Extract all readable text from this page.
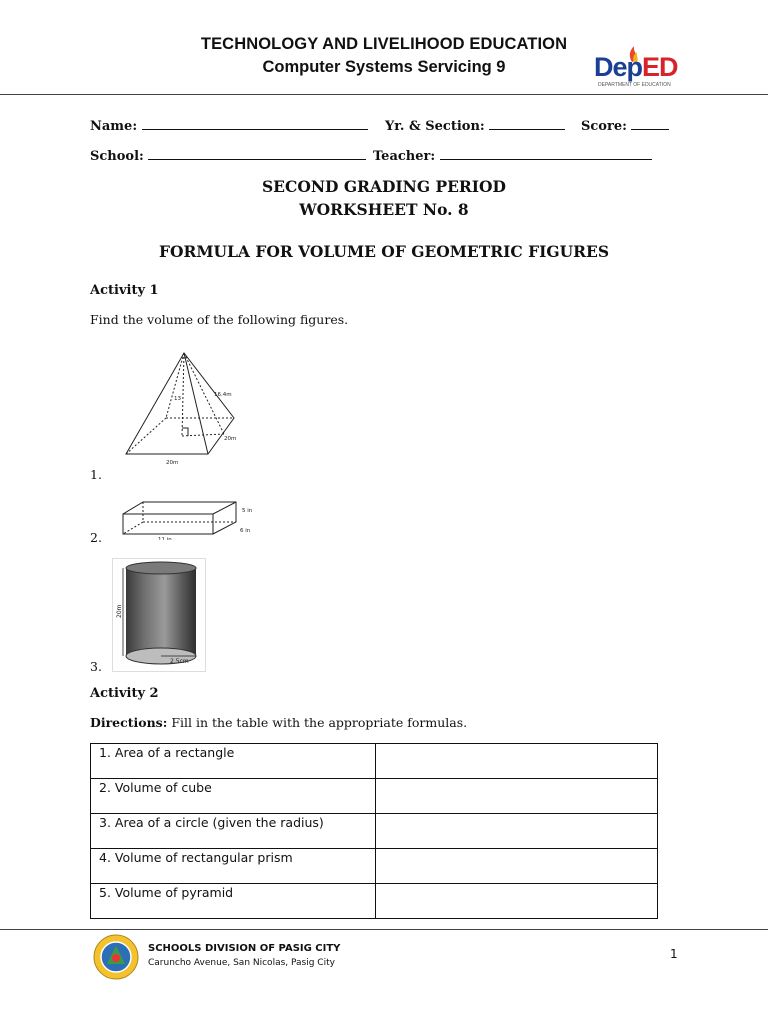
TECHNOLOGY AND LIVELIHOOD EDUCATION
Computer Systems Servicing 9	DepED
DEPARTMENT OF EDUCATION
Name:	Yr. & Section:	Score:
School:	Teacher:
SECOND GRADING PERIOD
WORKSHEET No. 8
FORMULA FOR VOLUME OF GEOMETRIC FIGURES
Activity 1
Find the volume of the following figures.
1.
13
16.4m
20m
20m
2.
5 in
6 in
11 in
3.
20m
2.5cm
Activity 2
Directions: Fill in the table with the appropriate formulas.
1. Area of a rectangle	
2. Volume of cube	
3. Area of a circle (given the radius)	
4. Volume of rectangular prism	
5. Volume of pyramid	
SCHOOLS DIVISION OF PASIG CITY
Caruncho Avenue, San Nicolas, Pasig City
1
